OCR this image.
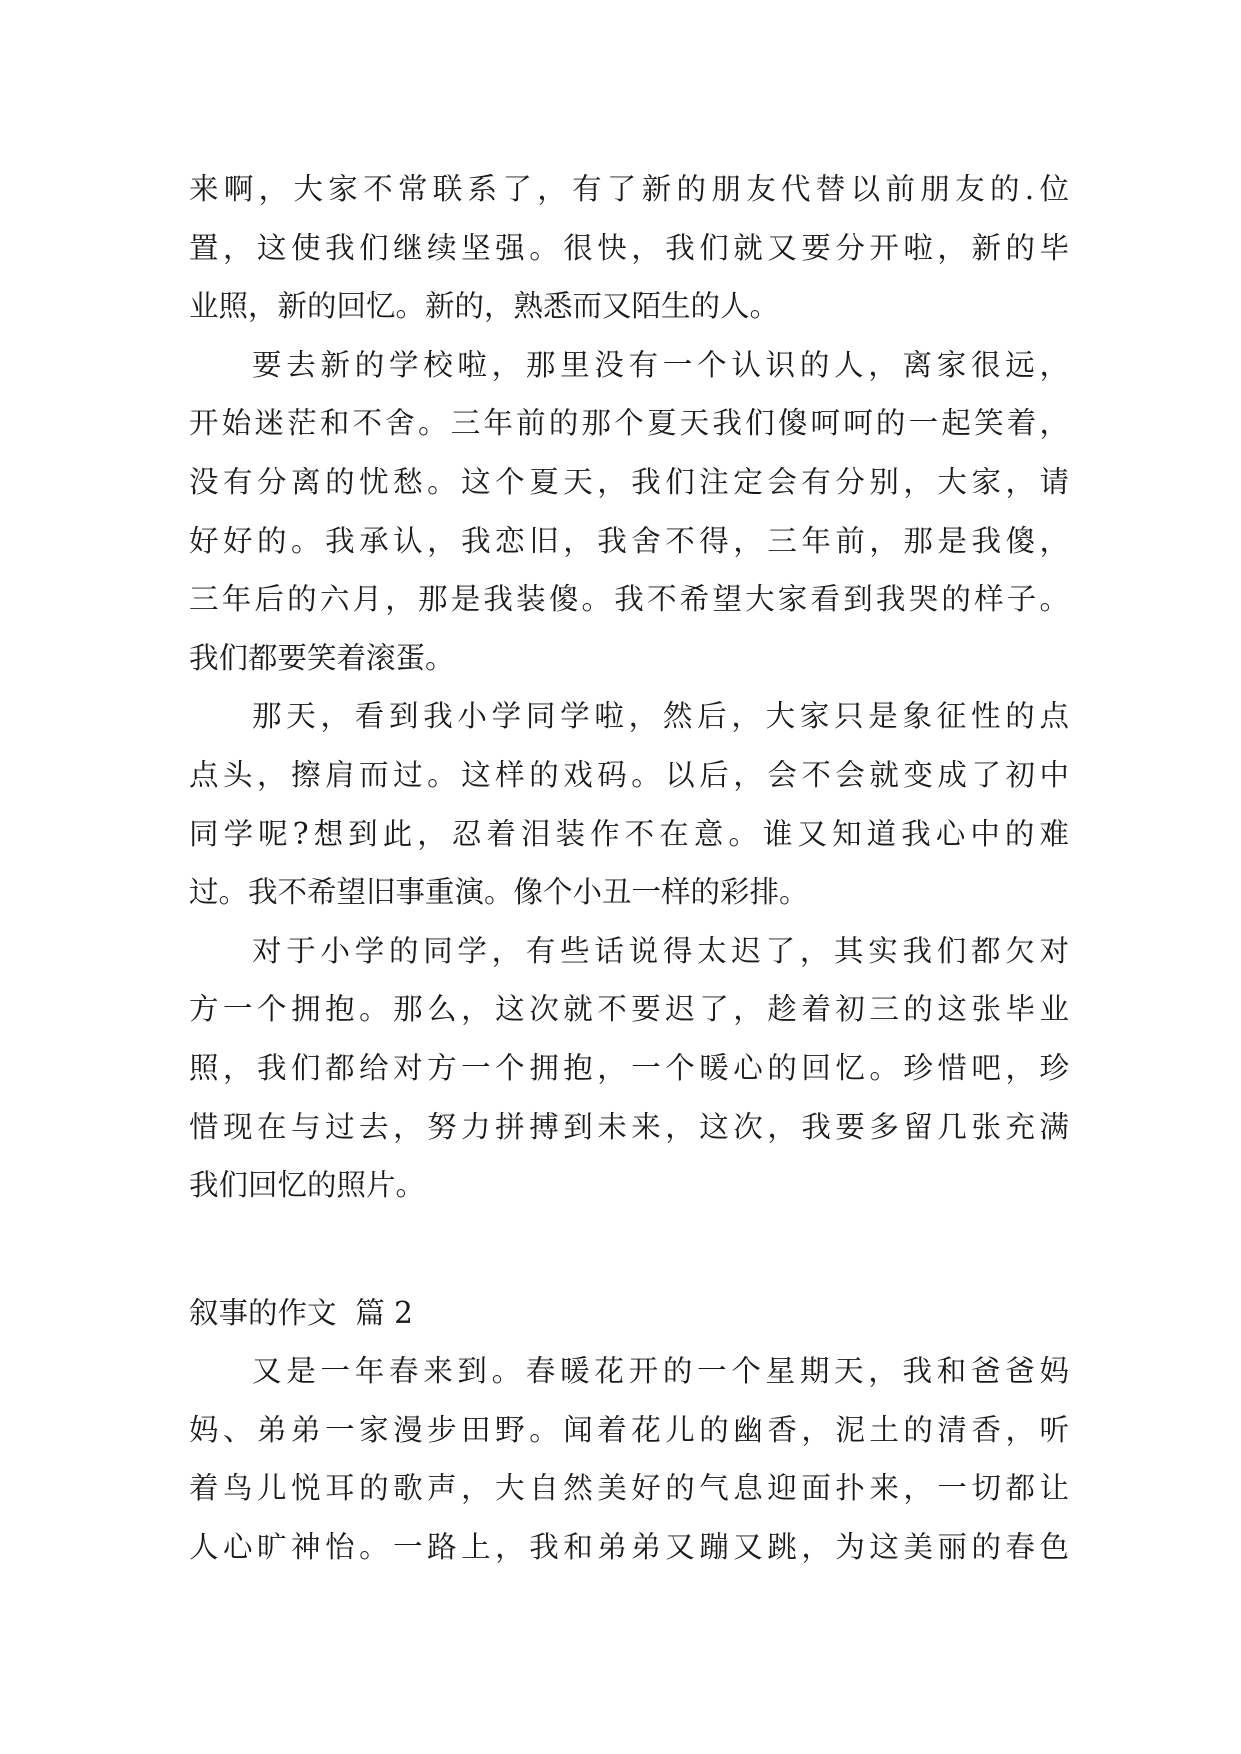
来啊，大家不常联系了，有了新的朋友代替以前朋友的.位
置，这使我们继续坚强。很快，我们就又要分开啦，新的毕
业照，新的回忆。新的，熟悉而又陌生的人。
要去新的学校啦，那里没有一个认识的人，离家很远，
开始迷茫和不舍。三年前的那个夏天我们傻呵呵的一起笑着，
没有分离的忧愁。这个夏天，我们注定会有分别，大家，请
好好的。我承认，我恋旧，我舍不得，三年前，那是我傻，
三年后的六月，那是我装傻。我不希望大家看到我哭的样子。
我们都要笑着滚蛋。
那天，看到我小学同学啦，然后，大家只是象征性的点
点头，擦肩而过。这样的戏码。以后，会不会就变成了初中
同学呢?想到此，忍着泪装作不在意。谁又知道我心中的难
过。我不希望旧事重演。像个小丑一样的彩排。
对于小学的同学，有些话说得太迟了，其实我们都欠对
方一个拥抱。那么，这次就不要迟了，趁着初三的这张毕业
照，我们都给对方一个拥抱，一个暖心的回忆。珍惜吧，珍
惜现在与过去，努力拼搏到未来，这次，我要多留几张充满
我们回忆的照片。
叙事的作文  篇 2
又是一年春来到。春暖花开的一个星期天，我和爸爸妈
妈、弟弟一家漫步田野。闻着花儿的幽香，泥土的清香，听
着鸟儿悦耳的歌声，大自然美好的气息迎面扑来，一切都让
人心旷神怡。一路上，我和弟弟又蹦又跳，为这美丽的春色
